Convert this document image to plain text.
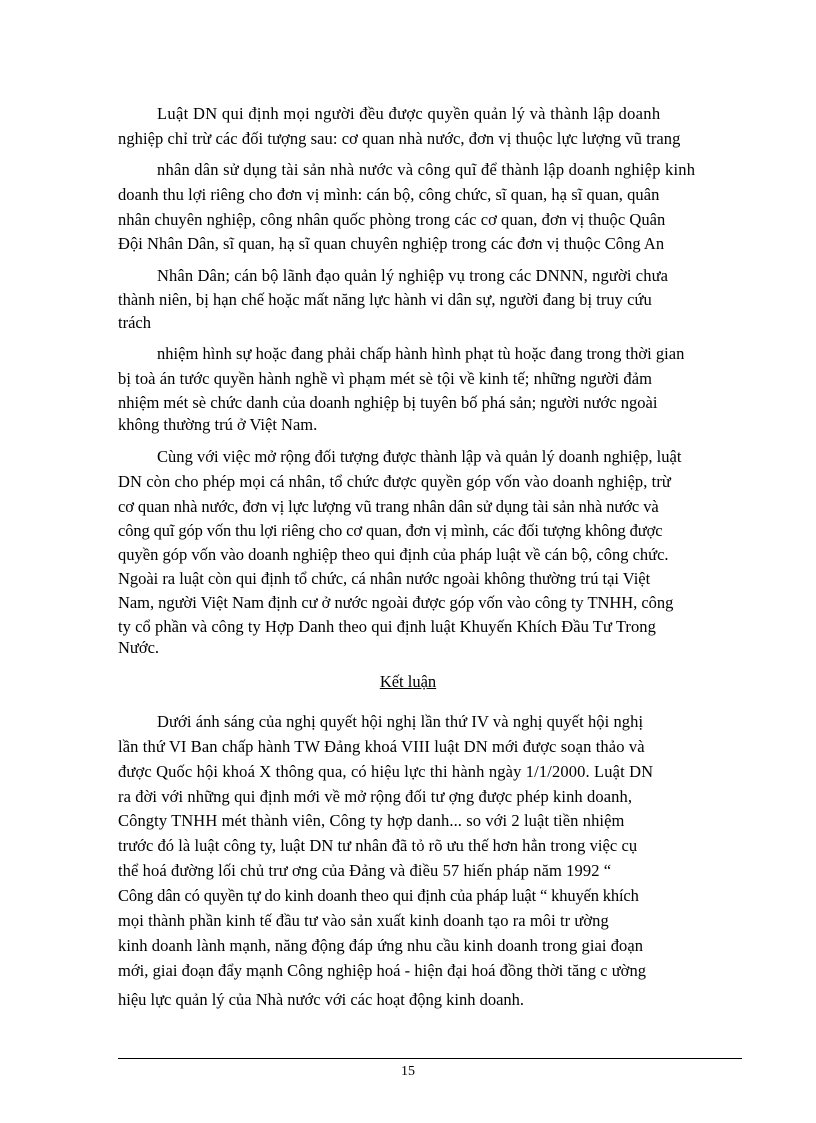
Luật DN qui định mọi người đều được quyền quản lý và thành lập doanh
nghiệp chỉ trừ các đối tượng sau: cơ quan nhà nước, đơn vị thuộc lực lượng vũ trang
nhân dân sử dụng tài sản nhà nước và công quĩ để thành lập doanh nghiệp kinh
doanh thu lợi riêng cho đơn vị mình: cán bộ, công chức, sĩ quan, hạ sĩ quan, quân
nhân chuyên nghiệp, công nhân quốc phòng trong các cơ quan, đơn vị thuộc Quân
Đội Nhân Dân, sĩ quan, hạ sĩ quan chuyên nghiệp trong các đơn vị thuộc Công An
Nhân Dân; cán bộ lãnh đạo quản lý nghiệp vụ trong các DNNN, người chưa
thành niên, bị hạn chế hoặc mất năng lực hành vi dân sự, người đang bị truy cứu
trách
nhiệm hình sự hoặc đang phải chấp hành hình phạt tù hoặc đang trong thời gian
bị toà án tước quyền hành nghề vì phạm mét sè tội về kinh tế; những người đảm
nhiệm mét sè chức danh của doanh nghiệp bị tuyên bố phá sản; người nước ngoài
không thường trú ở Việt Nam.
Cùng với việc mở rộng đối tượng được thành lập và quản lý doanh nghiệp, luật
DN còn cho phép mọi cá nhân, tổ chức được quyền góp vốn vào doanh nghiệp, trừ
cơ quan nhà nước, đơn vị lực lượng vũ trang nhân dân sử dụng tài sản nhà nước và
công quĩ góp vốn thu lợi riêng cho cơ quan, đơn vị mình, các đối tượng không được
quyền góp vốn vào doanh nghiệp theo qui định của pháp luật về cán bộ, công chức.
Ngoài ra luật còn qui định tổ chức, cá nhân nước ngoài không thường trú tại Việt
Nam, người Việt Nam định cư ở nước ngoài được góp vốn vào công ty TNHH, công
ty cổ phần và công ty Hợp Danh theo qui định luật Khuyến Khích Đầu Tư Trong
Nước.
Kết luận
Dưới ánh sáng của nghị quyết hội nghị lần thứ IV và nghị quyết hội nghị
lần thứ VI Ban chấp hành TW Đảng khoá VIII luật DN mới được soạn thảo và
được Quốc hội khoá X thông qua, có hiệu lực thi hành ngày 1/1/2000. Luật DN
ra đời với những qui định mới về mở rộng đối tư ợng được phép kinh doanh,
Côngty TNHH mét thành viên, Công ty hợp danh... so với 2 luật tiền nhiệm
trước đó là luật công ty, luật DN tư nhân đã tỏ rõ ưu thế hơn hẳn trong việc cụ
thể hoá đường lối chủ trư ơng của Đảng và điều 57 hiến pháp năm 1992 “
Công dân có quyền tự do kinh doanh theo qui định của pháp luật “ khuyến khích
mọi thành phần kinh tế đầu tư vào sản xuất kinh doanh tạo ra môi tr ường
kinh doanh lành mạnh, năng động đáp ứng nhu cầu kinh doanh trong giai đoạn
mới, giai đoạn đẩy mạnh Công nghiệp hoá - hiện đại hoá đồng thời tăng c ường
hiệu lực quản lý của Nhà nước với các hoạt động kinh doanh.
15
